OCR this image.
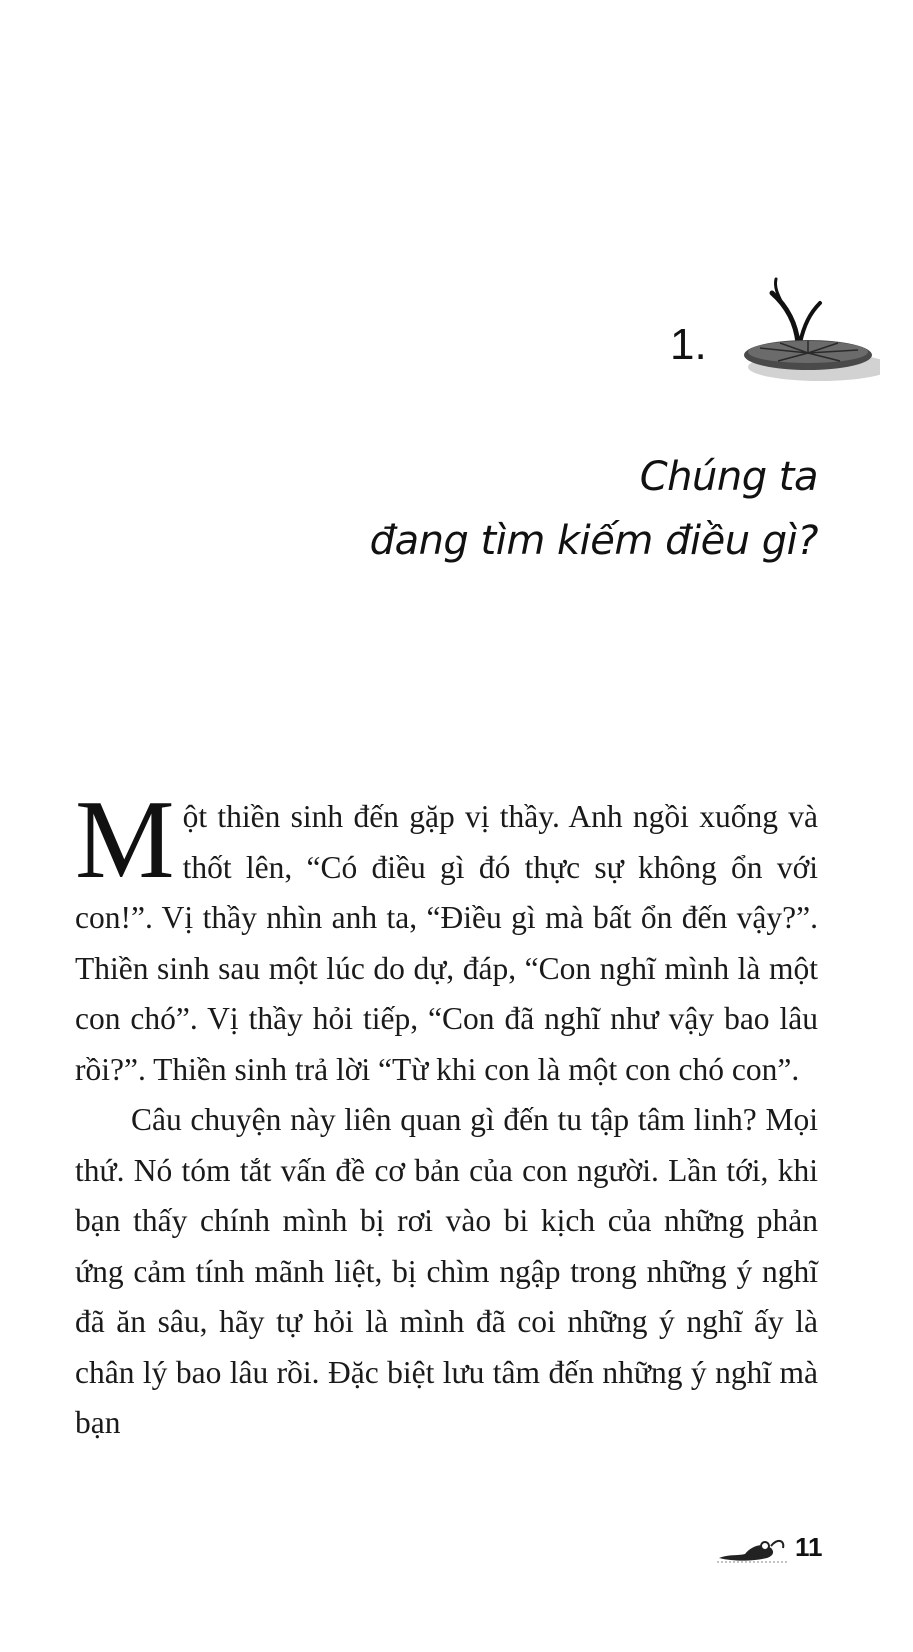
1.
Chúng ta
đang tìm kiếm điều gì?

Một thiền sinh đến gặp vị thầy. Anh ngồi xuống và thốt lên, “Có điều gì đó thực sự không ổn với con!”. Vị thầy nhìn anh ta, “Điều gì mà bất ổn đến vậy?”. Thiền sinh sau một lúc do dự, đáp, “Con nghĩ mình là một con chó”. Vị thầy hỏi tiếp, “Con đã nghĩ như vậy bao lâu rồi?”. Thiền sinh trả lời “Từ khi con là một con chó con”.

Câu chuyện này liên quan gì đến tu tập tâm linh? Mọi thứ. Nó tóm tắt vấn đề cơ bản của con người. Lần tới, khi bạn thấy chính mình bị rơi vào bi kịch của những phản ứng cảm tính mãnh liệt, bị chìm ngập trong những ý nghĩ đã ăn sâu, hãy tự hỏi là mình đã coi những ý nghĩ ấy là chân lý bao lâu rồi. Đặc biệt lưu tâm đến những ý nghĩ mà bạn

11
